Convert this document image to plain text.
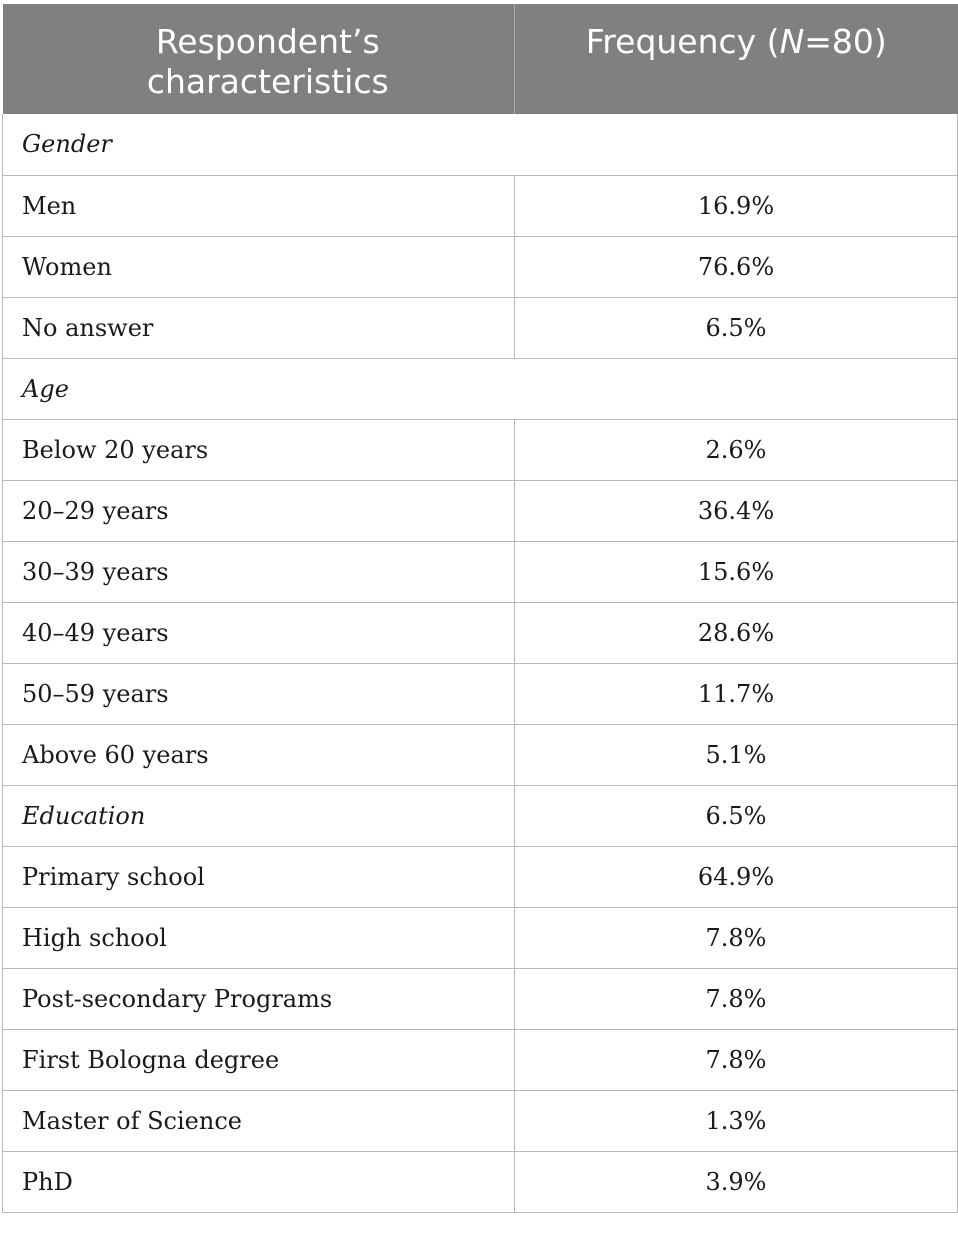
Respondent’s
characteristics	Frequency (N=80)
Gender	
Men	16.9%
Women	76.6%
No answer	6.5%
Age	
Below 20 years	2.6%
20–29 years	36.4%
30–39 years	15.6%
40–49 years	28.6%
50–59 years	11.7%
Above 60 years	5.1%
Education	6.5%
Primary school	64.9%
High school	7.8%
Post-secondary Programs	7.8%
First Bologna degree	7.8%
Master of Science	1.3%
PhD	3.9%
